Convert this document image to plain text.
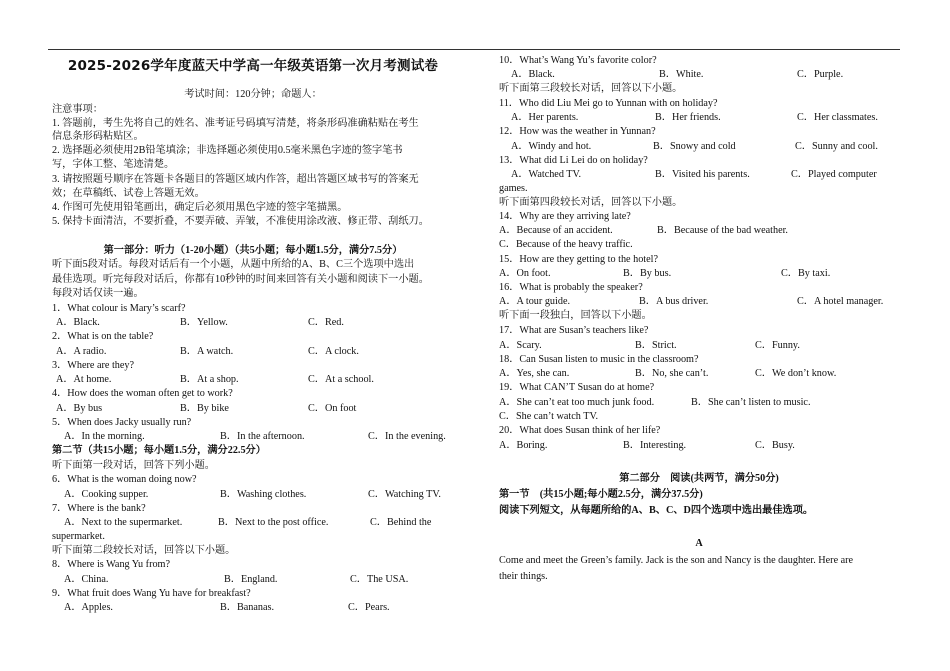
2025-2026学年度蓝天中学高一年级英语第一次月考测试卷
考试时间：120分钟；命题人：
注意事项：
1. 答题前，考生先将自己的姓名、准考证号码填写清楚，将条形码准确粘贴在考生
信息条形码粘贴区。
2. 选择题必须使用2B铅笔填涂；非选择题必须使用0.5毫米黑色字迹的签字笔书
写，字体工整、笔迹清楚。
3. 请按照题号顺序在答题卡各题目的答题区域内作答，超出答题区域书写的答案无
效；在草稿纸、试卷上答题无效。
4. 作图可先使用铅笔画出，确定后必须用黑色字迹的签字笔描黑。
5. 保持卡面清洁，不要折叠，不要弄破、弄皱，不准使用涂改液、修正带、刮纸刀。
第一部分：听力（1-20小题）（共5小题；每小题1.5分，满分7.5分）
听下面5段对话。每段对话后有一个小题，从题中所给的A、B、C三个选项中选出
最佳选项。听完每段对话后，你都有10秒钟的时间来回答有关小题和阅读下一小题。
每段对话仅读一遍。
1．What colour is Mary’s scarf?
A．Black.	B．Yellow.	C．Red.
2．What is on the table?
A．A radio.	B．A watch.	C．A clock.
3．Where are they?
A．At home.	B．At a shop.	C．At a school.
4．How does the woman often get to work?
A．By bus	B．By bike	C．On foot
5．When does Jacky usually run?
A．In the morning.	B．In the afternoon.	C．In the evening.
第二节（共15小题；每小题1.5分，满分22.5分）
听下面第一段对话，回答下列小题。
6．What is the woman doing now?
A．Cooking supper.	B．Washing clothes.	C．Watching TV.
7．Where is the bank?
A．Next to the supermarket.	B．Next to the post office.	C．Behind the
supermarket.
听下面第二段较长对话，回答以下小题。
8．Where is Wang Yu from?
A．China.	B．England.	C．The USA.
9．What fruit does Wang Yu have for breakfast?
A．Apples.	B．Bananas.	C．Pears.
10．What’s Wang Yu’s favorite color?
A．Black.	B．White.	C．Purple.
听下面第三段较长对话，回答以下小题。
11．Who did Liu Mei go to Yunnan with on holiday?
A．Her parents.	B．Her friends.	C．Her classmates.
12．How was the weather in Yunnan?
A．Windy and hot.	B．Snowy and cold	C．Sunny and cool.
13．What did Li Lei do on holiday?
A．Watched TV.	B．Visited his parents.	C．Played computer
games.
听下面第四段较长对话，回答以下小题。
14．Why are they arriving late?
A．Because of an accident.	B．Because of the bad weather.
C．Because of the heavy traffic.
15．How are they getting to the hotel?
A．On foot.	B．By bus.	C．By taxi.
16．What is probably the speaker?
A．A tour guide.	B．A bus driver.	C．A hotel manager.
听下面一段独白，回答以下小题。
17．What are Susan’s teachers like?
A．Scary.	B．Strict.	C．Funny.
18．Can Susan listen to music in the classroom?
A．Yes, she can.	B．No, she can’t.	C．We don’t know.
19．What CAN’T Susan do at home?
A．She can’t eat too much junk food.	B．She can’t listen to music.
C．She can’t watch TV.
20．What does Susan think of her life?
A．Boring.	B．Interesting.	C．Busy.
第二部分　阅读(共两节，满分50分)
第一节　(共15小题;每小题2.5分，满分37.5分)
阅读下列短文，从每题所给的A、B、C、D四个选项中选出最佳选项。
A
Come and meet the Green’s family. Jack is the son and Nancy is the daughter. Here are
their things.
